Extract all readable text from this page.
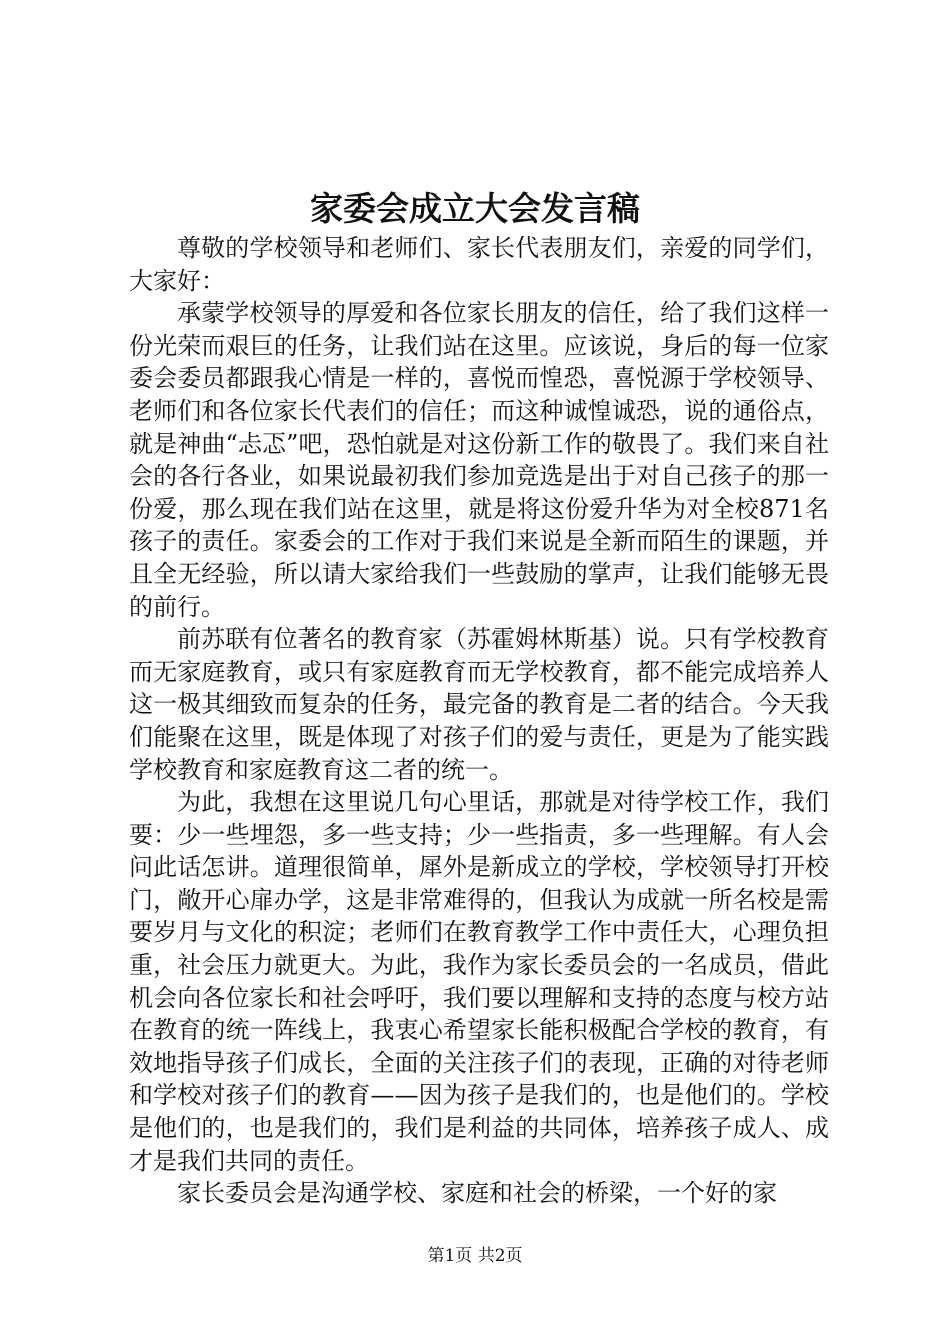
家委会成立大会发言稿

尊敬的学校领导和老师们、家长代表朋友们，亲爱的同学们，大家好：

承蒙学校领导的厚爱和各位家长朋友的信任，给了我们这样一份光荣而艰巨的任务，让我们站在这里。应该说，身后的每一位家委会委员都跟我心情是一样的，喜悦而惶恐，喜悦源于学校领导、老师们和各位家长代表们的信任；而这种诚惶诚恐，说的通俗点，就是神曲“忐忑”吧，恐怕就是对这份新工作的敬畏了。我们来自社会的各行各业，如果说最初我们参加竞选是出于对自己孩子的那一份爱，那么现在我们站在这里，就是将这份爱升华为对全校871名孩子的责任。家委会的工作对于我们来说是全新而陌生的课题，并且全无经验，所以请大家给我们一些鼓励的掌声，让我们能够无畏的前行。

前苏联有位著名的教育家（苏霍姆林斯基）说。只有学校教育而无家庭教育，或只有家庭教育而无学校教育，都不能完成培养人这一极其细致而复杂的任务，最完备的教育是二者的结合。今天我们能聚在这里，既是体现了对孩子们的爱与责任，更是为了能实践学校教育和家庭教育这二者的统一。

为此，我想在这里说几句心里话，那就是对待学校工作，我们要：少一些埋怨，多一些支持；少一些指责，多一些理解。有人会问此话怎讲。道理很简单，犀外是新成立的学校，学校领导打开校门，敞开心扉办学，这是非常难得的，但我认为成就一所名校是需要岁月与文化的积淀；老师们在教育教学工作中责任大，心理负担重，社会压力就更大。为此，我作为家长委员会的一名成员，借此机会向各位家长和社会呼吁，我们要以理解和支持的态度与校方站在教育的统一阵线上，我衷心希望家长能积极配合学校的教育，有效地指导孩子们成长，全面的关注孩子们的表现，正确的对待老师和学校对孩子们的教育——因为孩子是我们的，也是他们的。学校是他们的，也是我们的，我们是利益的共同体，培养孩子成人、成才是我们共同的责任。

家长委员会是沟通学校、家庭和社会的桥梁，一个好的家

第1页 共2页
